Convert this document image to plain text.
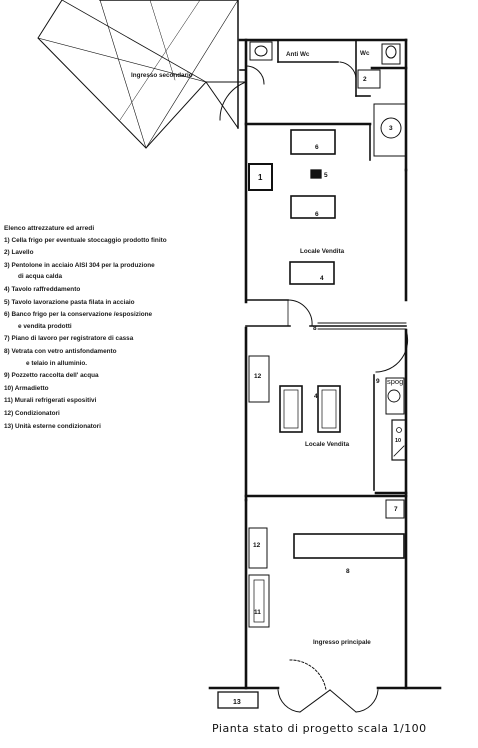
Ingresso secondario
Anti Wc	Wc
Locale Vendita
Locale Vendita
spog.
Ingresso principale
1
2
3
6
5
6
4
8
9
4
12
10
7
12
8
11
13
Elenco attrezzature ed arredi
1) Cella frigo per eventuale stoccaggio prodotto finito
2) Lavello
3) Pentolone in acciaio AISI 304 per la produzione
di acqua calda
4) Tavolo raffreddamento
5) Tavolo lavorazione pasta filata in acciaio
6) Banco frigo per la conservazione /esposizione
e vendita prodotti
7) Piano di lavoro per registratore di cassa
8) Vetrata con vetro antisfondamento
e telaio in alluminio.
9) Pozzetto raccolta dell' acqua
10) Armadietto
11) Murali refrigerati espositivi
12) Condizionatori
13) Unità esterne condizionatori
Pianta stato di progetto scala 1/100
